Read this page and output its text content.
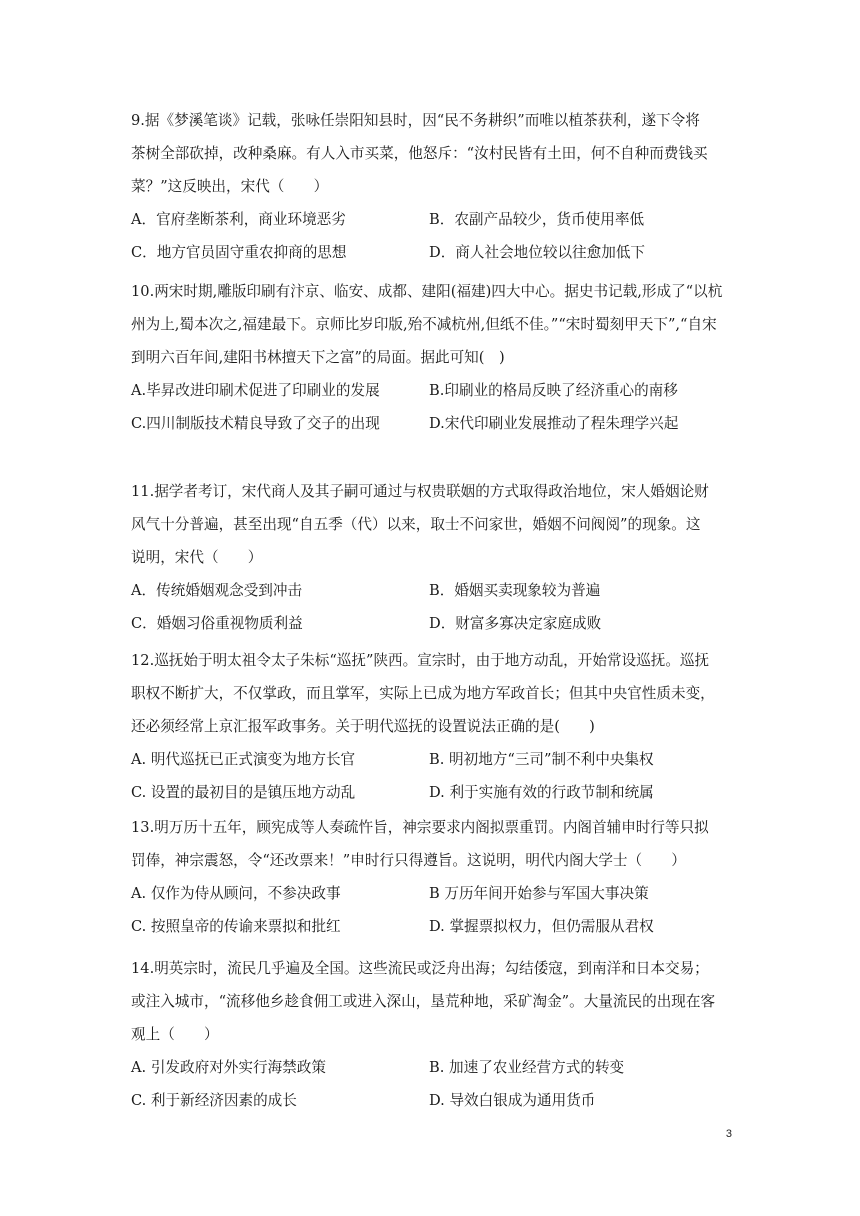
9.据《梦溪笔谈》记载，张咏任崇阳知县时，因“民不务耕织”而唯以植茶获利，遂下令将
茶树全部砍掉，改种桑麻。有人入市买菜，他怒斥：“汝村民皆有土田，何不自种而费钱买
菜？”这反映出，宋代（　　）
A．官府垄断茶利，商业环境恶劣	B．农副产品较少，货币使用率低
C．地方官员固守重农抑商的思想	D．商人社会地位较以往愈加低下
10.两宋时期,雕版印刷有汴京、临安、成都、建阳(福建)四大中心。据史书记载,形成了“以杭
州为上,蜀本次之,福建最下。京师比岁印版,殆不减杭州,但纸不佳。”“宋时蜀刻甲天下”,“自宋
到明六百年间,建阳书林擅天下之富”的局面。据此可知(　)
A.毕昇改进印刷术促进了印刷业的发展	B.印刷业的格局反映了经济重心的南移
C.四川制版技术精良导致了交子的出现	D.宋代印刷业发展推动了程朱理学兴起
11.据学者考订，宋代商人及其子嗣可通过与权贵联姻的方式取得政治地位，宋人婚姻论财
风气十分普遍，甚至出现“自五季（代）以来，取士不问家世，婚姻不问阀阅”的现象。这
说明，宋代（　　）
A．传统婚姻观念受到冲击	B．婚姻买卖现象较为普遍
C．婚姻习俗重视物质利益	D．财富多寡决定家庭成败
12.巡抚始于明太祖令太子朱标“巡抚”陕西。宣宗时，由于地方动乱，开始常设巡抚。巡抚
职权不断扩大，不仅掌政，而且掌军，实际上已成为地方军政首长；但其中央官性质未变，
还必须经常上京汇报军政事务。关于明代巡抚的设置说法正确的是(　　)
A. 明代巡抚已正式演变为地方长官	B. 明初地方“三司”制不利中央集权
C. 设置的最初目的是镇压地方动乱	D. 利于实施有效的行政节制和统属
13.明万历十五年，顾宪成等人奏疏忤旨，神宗要求内阁拟票重罚。内阁首辅申时行等只拟
罚俸，神宗震怒，令“还改票来！”申时行只得遵旨。这说明，明代内阁大学士（　　）
A. 仅作为侍从顾问，不参决政事	B 万历年间开始参与军国大事决策
C. 按照皇帝的传谕来票拟和批红	D. 掌握票拟权力，但仍需服从君权
14.明英宗时，流民几乎遍及全国。这些流民或泛舟出海；勾结倭寇，到南洋和日本交易；
或注入城市，“流移他乡趁食佣工或进入深山，垦荒种地，采矿淘金”。大量流民的出现在客
观上（　　）
A. 引发政府对外实行海禁政策	B. 加速了农业经营方式的转变
C. 利于新经济因素的成长	D. 导效白银成为通用货币
3
